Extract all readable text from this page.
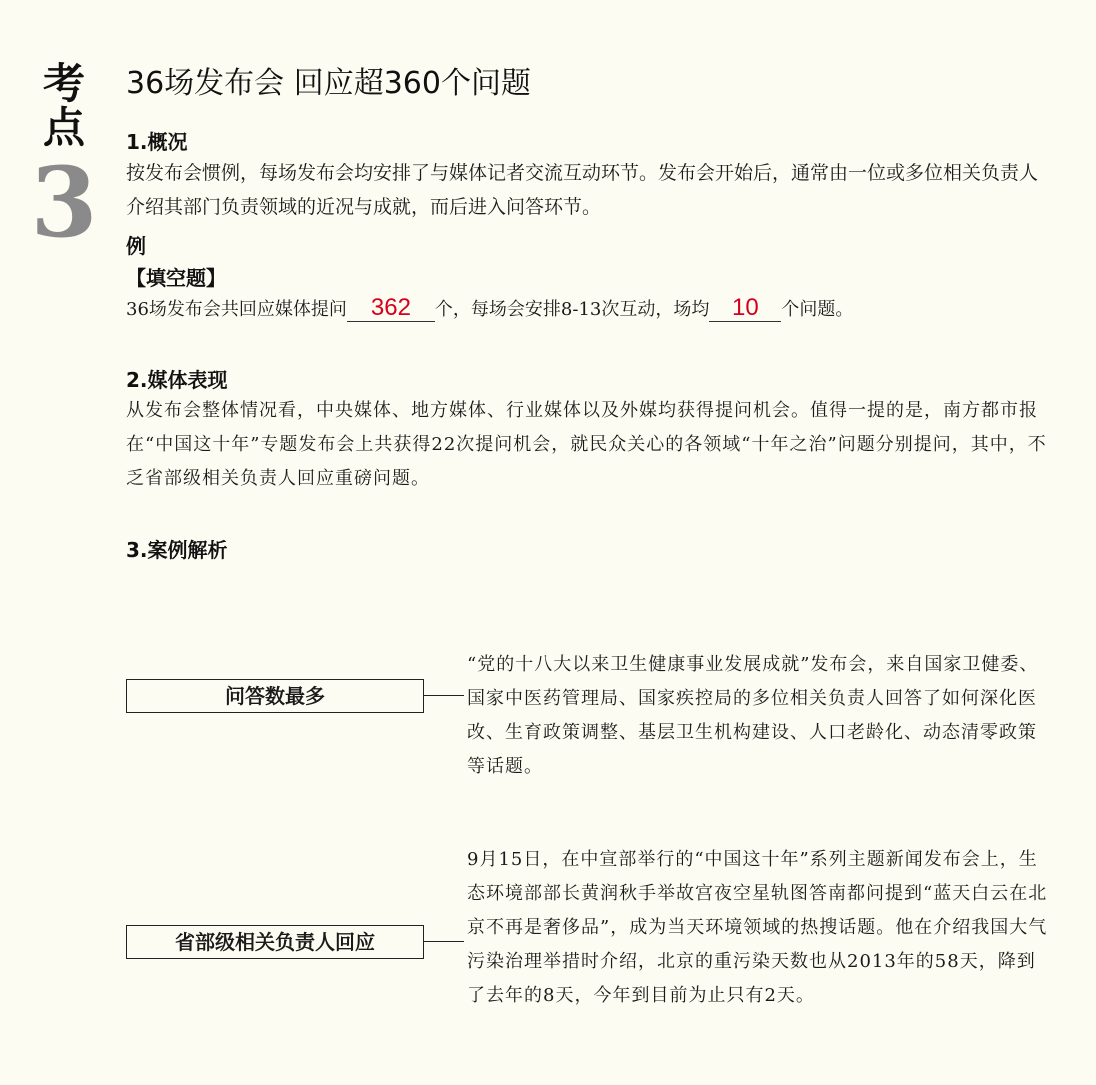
考
点
3
36场发布会 回应超360个问题
1.概况
按发布会惯例，每场发布会均安排了与媒体记者交流互动环节。发布会开始后，通常由一位或多位相关负责人介绍其部门负责领域的近况与成就，而后进入问答环节。
例
【填空题】
36场发布会共回应媒体提问 362 个，每场会安排8-13次互动，场均 10 个问题。
2.媒体表现
从发布会整体情况看，中央媒体、地方媒体、行业媒体以及外媒均获得提问机会。值得一提的是，南方都市报在“中国这十年”专题发布会上共获得22次提问机会，就民众关心的各领域“十年之治”问题分别提问，其中，不乏省部级相关负责人回应重磅问题。
3.案例解析
问答数最多
“党的十八大以来卫生健康事业发展成就”发布会，来自国家卫健委、国家中医药管理局、国家疾控局的多位相关负责人回答了如何深化医改、生育政策调整、基层卫生机构建设、人口老龄化、动态清零政策等话题。
省部级相关负责人回应
9月15日，在中宣部举行的“中国这十年”系列主题新闻发布会上，生态环境部部长黄润秋手举故宫夜空星轨图答南都问提到“蓝天白云在北京不再是奢侈品”，成为当天环境领域的热搜话题。他在介绍我国大气污染治理举措时介绍，北京的重污染天数也从2013年的58天，降到了去年的8天，今年到目前为止只有2天。
